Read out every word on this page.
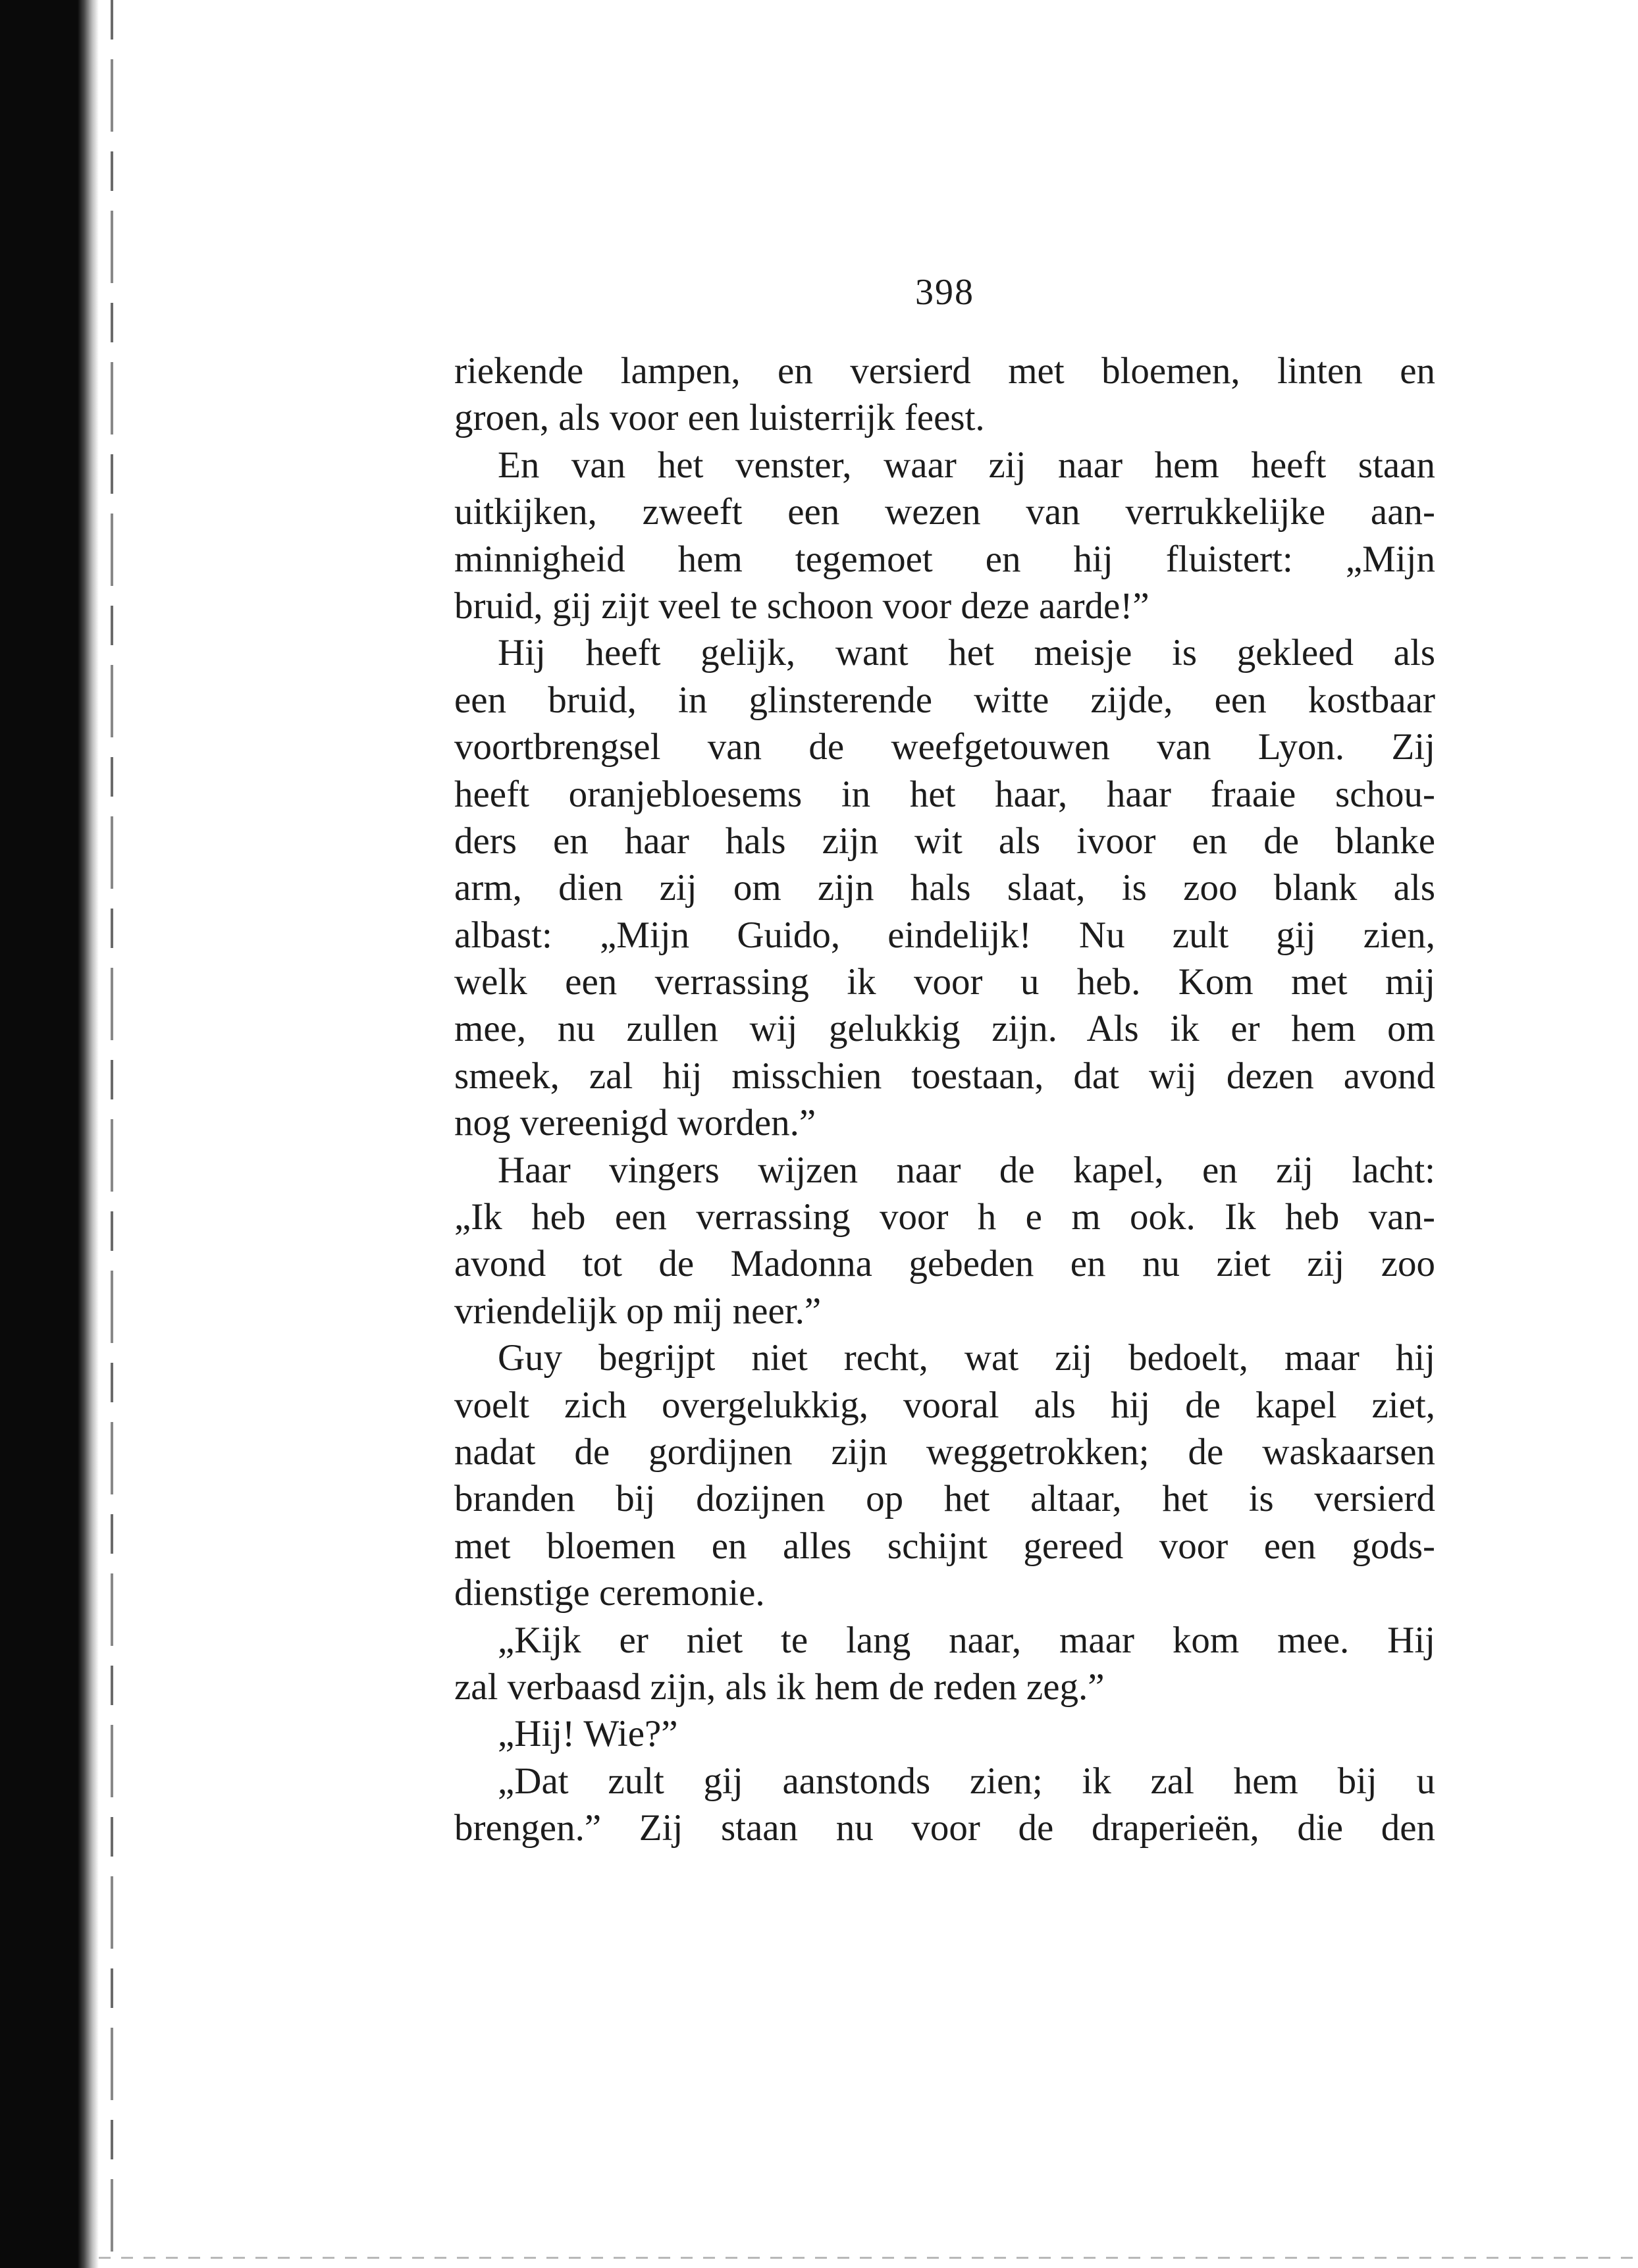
398
riekende lampen, en versierd met bloemen, linten en
groen, als voor een luisterrijk feest.
En van het venster, waar zij naar hem heeft staan
uitkijken, zweeft een wezen van verrukkelijke aan-
minnigheid hem tegemoet en hij fluistert: „Mijn
bruid, gij zijt veel te schoon voor deze aarde!”
Hij heeft gelijk, want het meisje is gekleed als
een bruid, in glinsterende witte zijde, een kostbaar
voortbrengsel van de weefgetouwen van Lyon. Zij
heeft oranjebloesems in het haar, haar fraaie schou-
ders en haar hals zijn wit als ivoor en de blanke
arm, dien zij om zijn hals slaat, is zoo blank als
albast: „Mijn Guido, eindelijk! Nu zult gij zien,
welk een verrassing ik voor u heb. Kom met mij
mee, nu zullen wij gelukkig zijn. Als ik er hem om
smeek, zal hij misschien toestaan, dat wij dezen avond
nog vereenigd worden.”
Haar vingers wijzen naar de kapel, en zij lacht:
„Ik heb een verrassing voor h e m ook. Ik heb van-
avond tot de Madonna gebeden en nu ziet zij zoo
vriendelijk op mij neer.”
Guy begrijpt niet recht, wat zij bedoelt, maar hij
voelt zich overgelukkig, vooral als hij de kapel ziet,
nadat de gordijnen zijn weggetrokken; de waskaarsen
branden bij dozijnen op het altaar, het is versierd
met bloemen en alles schijnt gereed voor een gods-
dienstige ceremonie.
„Kijk er niet te lang naar, maar kom mee. Hij
zal verbaasd zijn, als ik hem de reden zeg.”
„Hij! Wie?”
„Dat zult gij aanstonds zien; ik zal hem bij u
brengen.” Zij staan nu voor de draperieën, die den
